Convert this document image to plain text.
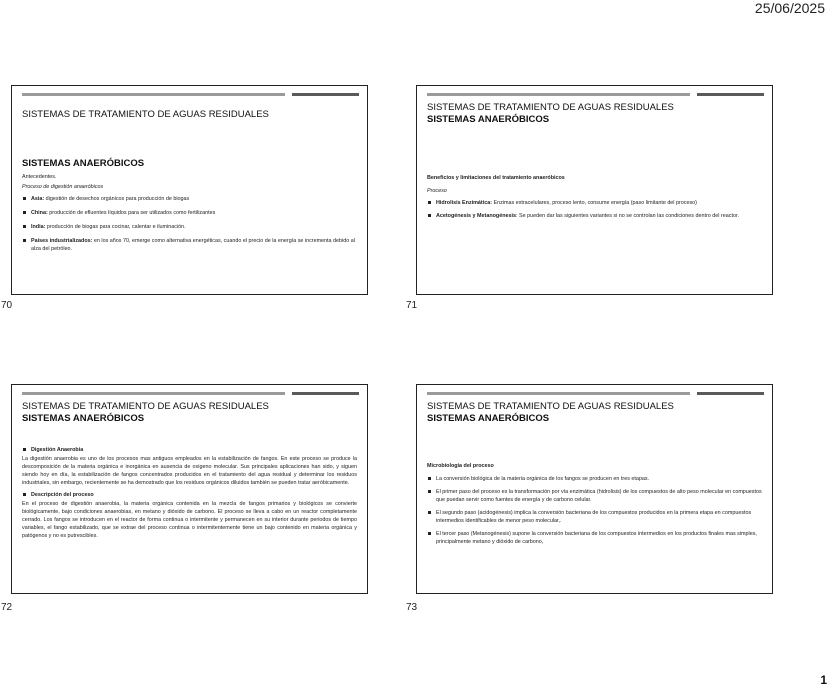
25/06/2025
SISTEMAS DE TRATAMIENTO DE AGUAS RESIDUALES
SISTEMAS ANAERÓBICOS
Antecedentes.
Proceso de digestión anaeróbicos
Asia: digestión de desechos orgánicos para producción de biogas
China: producción de efluentes líquidos para ser utilizados como fertilizantes
India: producción de biogas para cocinar, calentar e iluminación.
Países industrializados: en los años 70, emerge como alternativa energéticas, cuando el precio de la energía se incrementa debido al alza del petróleo.
70
SISTEMAS DE TRATAMIENTO DE AGUAS RESIDUALES
SISTEMAS ANAERÓBICOS
Beneficios y limitaciones del tratamiento anaeróbicos
Proceso
Hidrolisis Enzimática: Enzimas extracelulares, proceso lento, consume energía (paso limitante del proceso)
Acetogénesis y Metanogénesis: Se pueden dar las siguientes variantes si no se controlan las condiciones dentro del reactor.
71
SISTEMAS DE TRATAMIENTO DE AGUAS RESIDUALES
SISTEMAS ANAERÓBICOS
Digestión Anaerobia
La digestión anaerobia es uno de los procesos mas antiguos empleados en la estabilización de fangos. En este proceso se produce la descomposición de la materia orgánica e inorgánica en ausencia de oxigeno molecular. Sus principales aplicaciones han sido, y siguen siendo hoy en día, la estabilización de fangos concentrados producidos en el tratamiento del agua residual y determinar los residuos industriales, sin embargo, recientemente se ha demostrado que los residuos orgánicos diluidos también se pueden tratar aeróbicamente.
Descripción del proceso
En el proceso de digestión anaerobia, la materia orgánica contenida en la mezcla de fangos primarios y biológicos se convierte biológicamente, bajo condiciones anaerobias, en metano y dióxido de carbono. El proceso se lleva a cabo en un reactor completamente cerrado. Los fangos se introducen en el reactor de forma continua o intermitente y permanecen en su interior durante periodos de tiempo variables, el fango estabilizado, que se extrae del proceso continua o intermitentemente tiene un bajo contenido en materia orgánica y patógenos y no es putrescibles.
72
SISTEMAS DE TRATAMIENTO DE AGUAS RESIDUALES
SISTEMAS ANAERÓBICOS
Microbiología del proceso
La conversión biológica de la materia orgánica de los fangos se producen en tres etapas.
El primer paso del proceso es la transformación por vía enzimática (hidrolisis) de los compuestos de alto peso molecular en compuestos que puedan servir como fuentes de energía y de carbono celular.
El segundo paso (acidogénesis) implica la conversión bacteriana de los compuestos producidos en la primera etapa en compuestos intermedios identificables de menor peso molecular,.
El tercer paso (Metanogénesis) supone la conversión bacteriana de los compuestos intermedios en los productos finales mas simples, principalmente metano y dióxido de carbono,
73
1
